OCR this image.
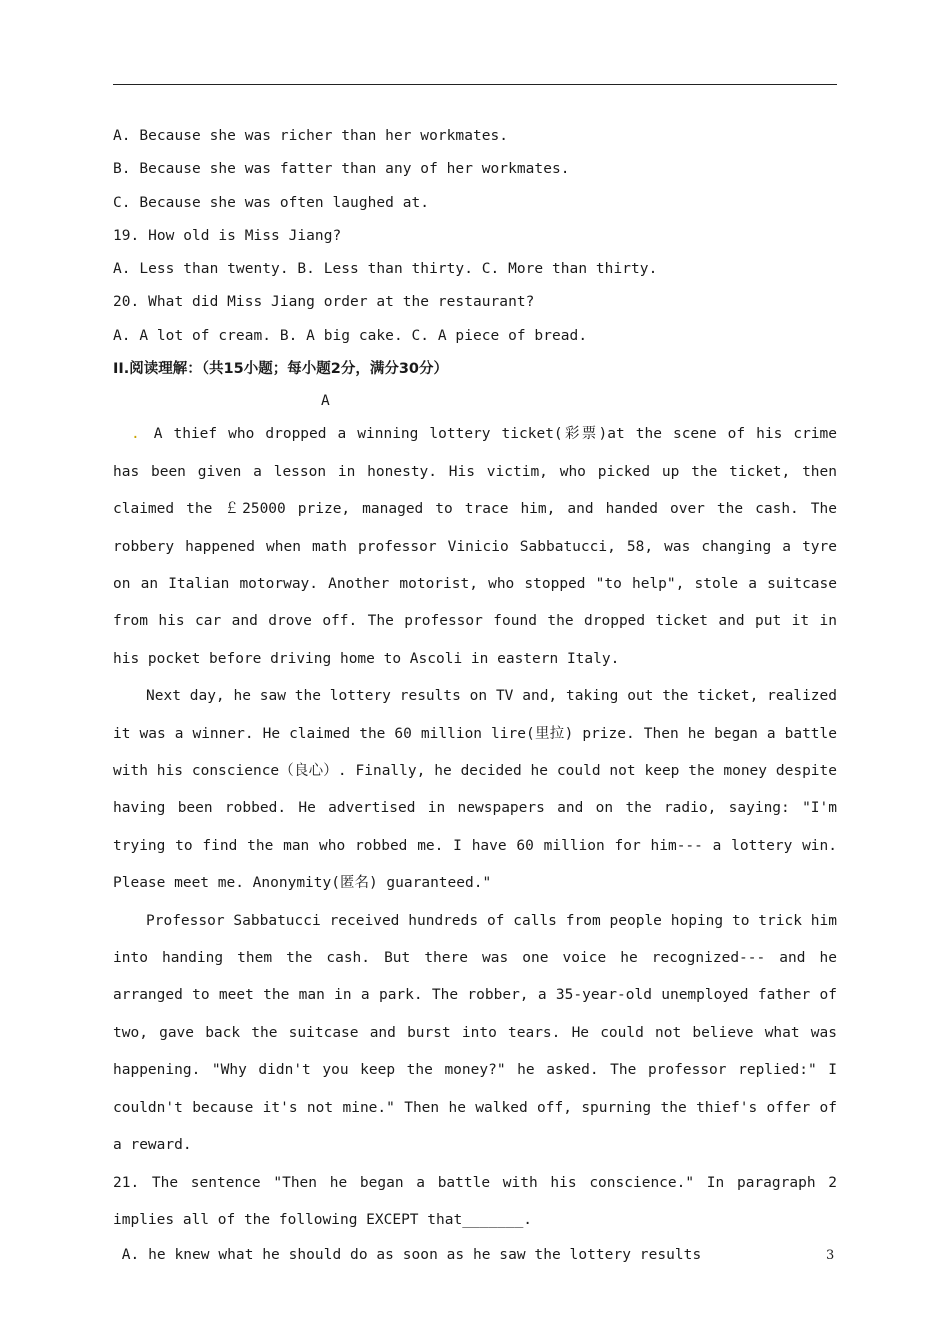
A. Because she was richer than her workmates.
B. Because she was fatter than any of her workmates.
C. Because she was often laughed at.
19. How old is Miss Jiang?
A. Less than twenty. B. Less than thirty. C. More than thirty.
20. What did Miss Jiang order at the restaurant?
A. A lot of cream. B. A big cake. C. A piece of bread.
II.阅读理解：（共15小题；每小题2分，满分30分）
A

. A thief who dropped a winning lottery ticket(彩票)at the scene of his crime has been given a lesson in honesty. His victim, who picked up the ticket, then claimed the ￡25000 prize, managed to trace him, and handed over the cash. The robbery happened when math professor Vinicio Sabbatucci, 58, was changing a tyre on an Italian motorway. Another motorist, who stopped "to help", stole a suitcase from his car and drove off. The professor found the dropped ticket and put it in his pocket before driving home to Ascoli in eastern Italy.

Next day, he saw the lottery results on TV and, taking out the ticket, realized it was a winner. He claimed the 60 million lire(里拉) prize. Then he began a battle with his conscience（良心）. Finally, he decided he could not keep the money despite having been robbed. He advertised in newspapers and on the radio, saying: "I'm trying to find the man who robbed me. I have 60 million for him--- a lottery win. Please meet me. Anonymity(匿名) guaranteed."

Professor Sabbatucci received hundreds of calls from people hoping to trick him into handing them the cash. But there was one voice he recognized--- and he arranged to meet the man in a park. The robber, a 35-year-old unemployed father of two, gave back the suitcase and burst into tears. He could not believe what was happening. "Why didn't you keep the money?" he asked. The professor replied:" I couldn't because it's not mine." Then he walked off, spurning the thief's offer of a reward.

21. The sentence "Then he began a battle with his conscience." In paragraph 2 implies all of the following EXCEPT that_______.

A. he knew what he should do as soon as he saw the lottery results	3
